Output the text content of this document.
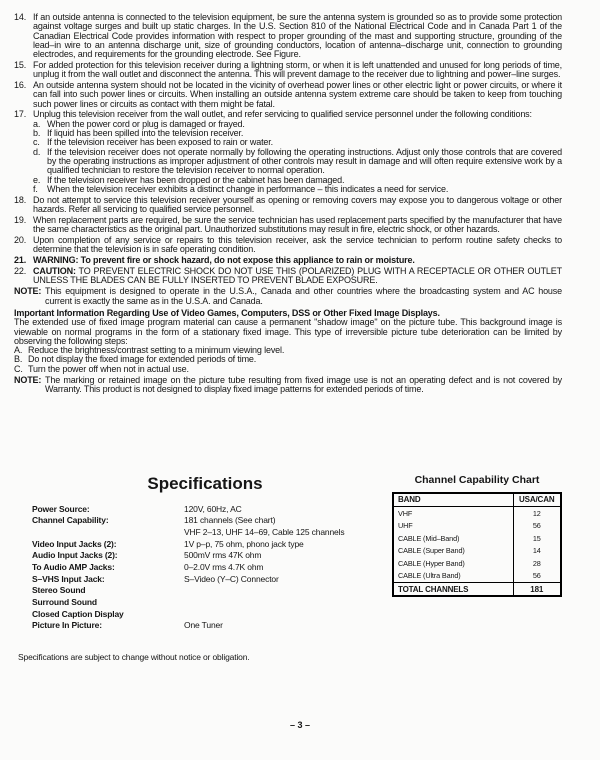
14. If an outside antenna is connected to the television equipment, be sure the antenna system is grounded so as to provide some protection against voltage surges and built up static charges. In the U.S. Section 810 of the National Electrical Code and in Canada Part 1 of the Canadian Electrical Code provides information with respect to proper grounding of the mast and supporting structure, grounding of the lead–in wire to an antenna discharge unit, size of grounding conductors, location of antenna–discharge unit, connection to grounding electrodes, and requirements for the grounding electrode. See Figure.
15. For added protection for this television receiver during a lightning storm, or when it is left unattended and unused for long periods of time, unplug it from the wall outlet and disconnect the antenna. This will prevent damage to the receiver due to lightning and power–line surges.
16. An outside antenna system should not be located in the vicinity of overhead power lines or other electric light or power circuits, or where it can fall into such power lines or circuits. When installing an outside antenna system extreme care should be taken to keep from touching such power lines or circuits as contact with them might be fatal.
17. Unplug this television receiver from the wall outlet, and refer servicing to qualified service personnel under the following conditions:
a. When the power cord or plug is damaged or frayed.
b. If liquid has been spilled into the television receiver.
c. If the television receiver has been exposed to rain or water.
d. If the television receiver does not operate normally by following the operating instructions. Adjust only those controls that are covered by the operating instructions as improper adjustment of other controls may result in damage and will often require extensive work by a qualified technician to restore the television receiver to normal operation.
e. If the television receiver has been dropped or the cabinet has been damaged.
f.	When the television receiver exhibits a distinct change in performance – this indicates a need for service.
18. Do not attempt to service this television receiver yourself as opening or removing covers may expose you to dangerous voltage or other hazards. Refer all servicing to qualified service personnel.
19. When replacement parts are required, be sure the service technician has used replacement parts specified by the manufacturer that have the same characteristics as the original part. Unauthorized substitutions may result in fire, electric shock, or other hazards.
20. Upon completion of any service or repairs to this television receiver, ask the service technician to perform routine safety checks to determine that the television is in safe operating condition.
21. WARNING: To prevent fire or shock hazard, do not expose this appliance to rain or moisture.
22. CAUTION: TO PREVENT ELECTRIC SHOCK DO NOT USE THIS (POLARIZED) PLUG WITH A RECEPTACLE OR OTHER OUTLET UNLESS THE BLADES CAN BE FULLY INSERTED TO PREVENT BLADE EXPOSURE.
NOTE: This equipment is designed to operate in the U.S.A., Canada and other countries where the broadcasting system and AC house current is exactly the same as in the U.S.A. and Canada.
Important Information Regarding Use of Video Games, Computers, DSS or Other Fixed Image Displays.
The extended use of fixed image program material can cause a permanent "shadow image" on the picture tube. This background image is viewable on normal programs in the form of a stationary fixed image. This type of irreversible picture tube deterioration can be limited by observing the following steps:
A. Reduce the brightness/contrast setting to a minimum viewing level.
B. Do not display the fixed image for extended periods of time.
C. Turn the power off when not in actual use.
NOTE: The marking or retained image on the picture tube resulting from fixed image use is not an operating defect and is not covered by Warranty. This product is not designed to display fixed image patterns for extended periods of time.
Specifications
Power Source:	120V, 60Hz, AC
Channel Capability:	181 channels (See chart)
VHF 2–13, UHF 14–69, Cable 125 channels
Video Input Jacks (2):	1V p–p, 75 ohm, phono jack type
Audio Input Jacks (2):	500mV rms 47K ohm
To Audio AMP Jacks:	0–2.0V rms 4.7K ohm
S–VHS Input Jack:	S–Video (Y–C) Connector
Stereo Sound
Surround Sound
Closed Caption Display
Picture In Picture:	One Tuner
Channel Capability Chart
BAND	USA/CAN
VHF	12
UHF	56
CABLE (Mid–Band)	15
CABLE (Super Band)	14
CABLE (Hyper Band)	28
CABLE (Ultra Band)	56
TOTAL CHANNELS	181
Specifications are subject to change without notice or obligation.
– 3 –
